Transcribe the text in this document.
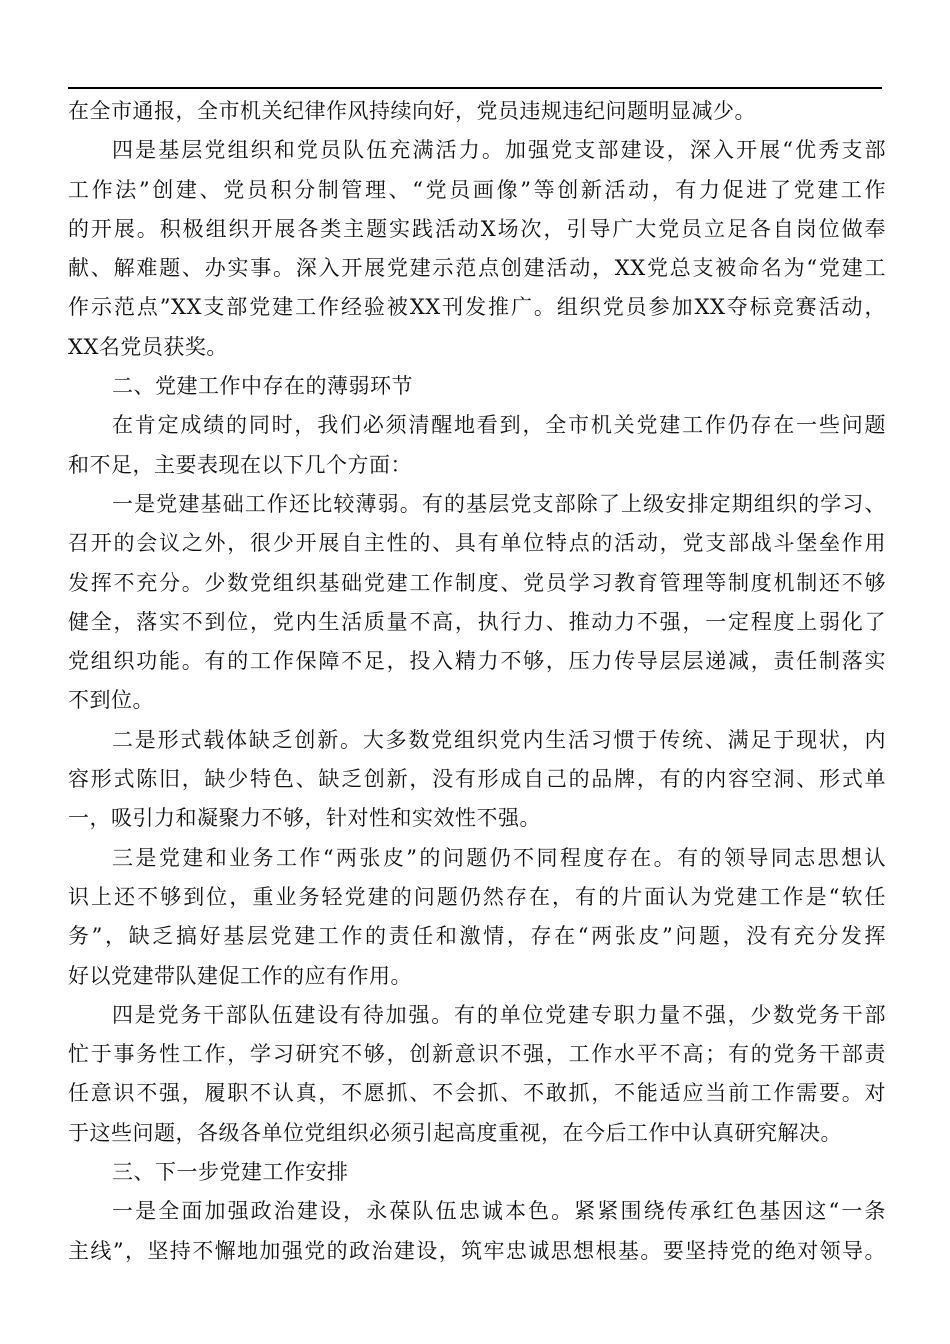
在全市通报，全市机关纪律作风持续向好，党员违规违纪问题明显减少。
四是基层党组织和党员队伍充满活力。加强党支部建设，深入开展“优秀支部
工作法”创建、党员积分制管理、“党员画像”等创新活动，有力促进了党建工作
的开展。积极组织开展各类主题实践活动X场次，引导广大党员立足各自岗位做奉
献、解难题、办实事。深入开展党建示范点创建活动，XX党总支被命名为“党建工
作示范点”XX支部党建工作经验被XX刊发推广。组织党员参加XX夺标竞赛活动，
XX名党员获奖。
二、党建工作中存在的薄弱环节
在肯定成绩的同时，我们必须清醒地看到，全市机关党建工作仍存在一些问题
和不足，主要表现在以下几个方面：
一是党建基础工作还比较薄弱。有的基层党支部除了上级安排定期组织的学习、
召开的会议之外，很少开展自主性的、具有单位特点的活动，党支部战斗堡垒作用
发挥不充分。少数党组织基础党建工作制度、党员学习教育管理等制度机制还不够
健全，落实不到位，党内生活质量不高，执行力、推动力不强，一定程度上弱化了
党组织功能。有的工作保障不足，投入精力不够，压力传导层层递减，责任制落实
不到位。
二是形式载体缺乏创新。大多数党组织党内生活习惯于传统、满足于现状，内
容形式陈旧，缺少特色、缺乏创新，没有形成自己的品牌，有的内容空洞、形式单
一，吸引力和凝聚力不够，针对性和实效性不强。
三是党建和业务工作“两张皮”的问题仍不同程度存在。有的领导同志思想认
识上还不够到位，重业务轻党建的问题仍然存在，有的片面认为党建工作是“软任
务”，缺乏搞好基层党建工作的责任和激情，存在“两张皮”问题，没有充分发挥
好以党建带队建促工作的应有作用。
四是党务干部队伍建设有待加强。有的单位党建专职力量不强，少数党务干部
忙于事务性工作，学习研究不够，创新意识不强，工作水平不高；有的党务干部责
任意识不强，履职不认真，不愿抓、不会抓、不敢抓，不能适应当前工作需要。对
于这些问题，各级各单位党组织必须引起高度重视，在今后工作中认真研究解决。
三、下一步党建工作安排
一是全面加强政治建设，永葆队伍忠诚本色。紧紧围绕传承红色基因这“一条
主线”，坚持不懈地加强党的政治建设，筑牢忠诚思想根基。要坚持党的绝对领导。
